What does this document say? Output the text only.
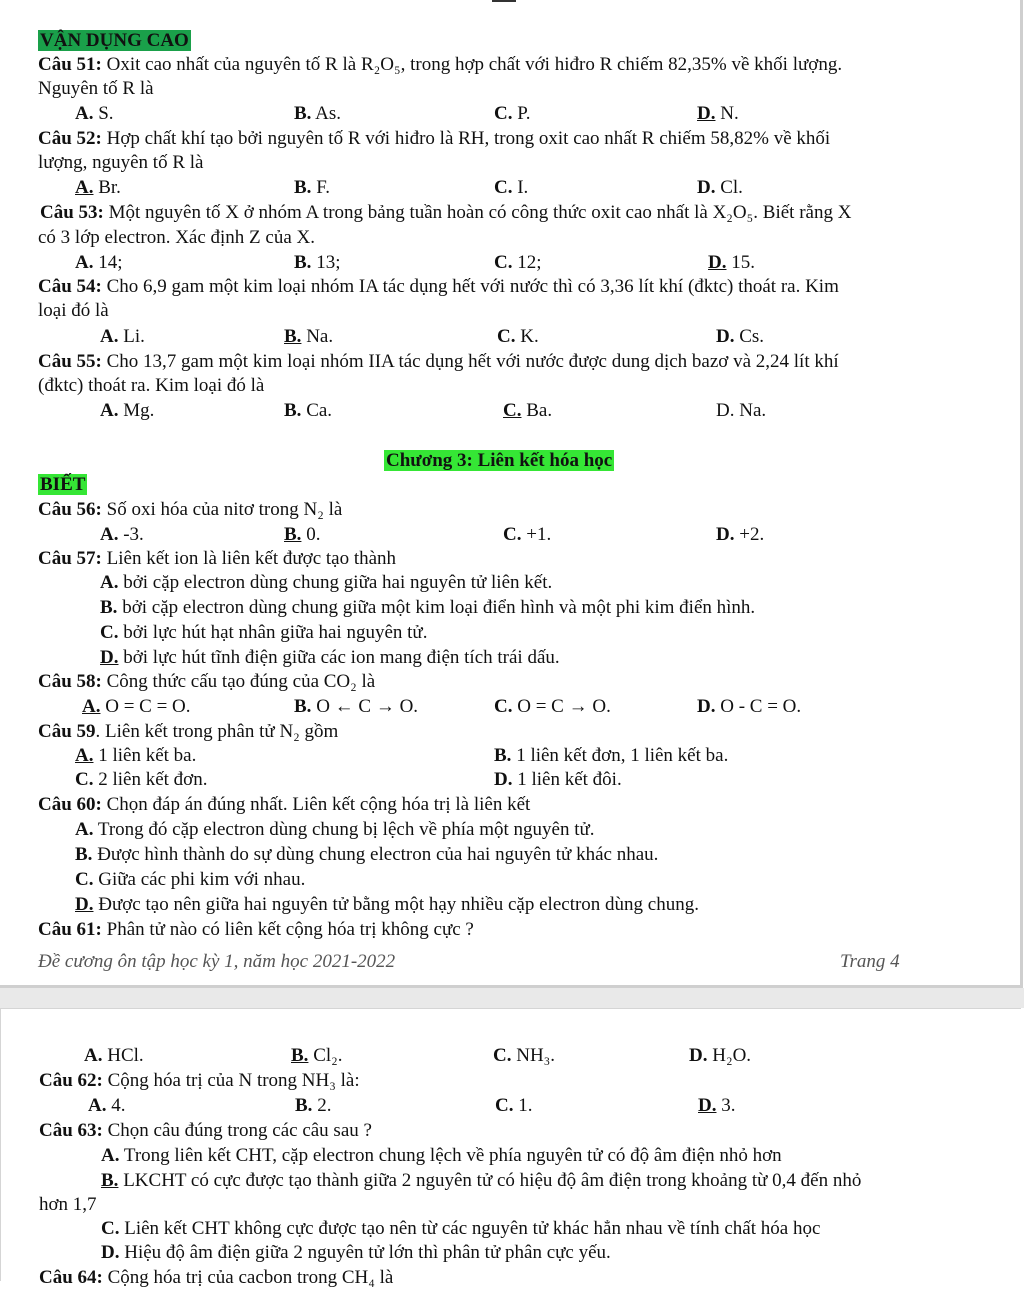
VẬN DỤNG CAO
Câu 51: Oxit cao nhất của nguyên tố R là R₂O₅, trong hợp chất với hiđro R chiếm 82,35% về khối lượng.
Nguyên tố R là
A. S.	B. As.	C. P.	D. N.
Câu 52: Hợp chất khí tạo bởi nguyên tố R với hiđro là RH, trong oxit cao nhất R chiếm 58,82% về khối
lượng, nguyên tố R là
A. Br.	B. F.	C. I.	D. Cl.
Câu 53: Một nguyên tố X ở nhóm A trong bảng tuần hoàn có công thức oxit cao nhất là X₂O₅. Biết rằng X
có 3 lớp electron. Xác định Z của X.
A. 14;	B. 13;	C. 12;	D. 15.
Câu 54: Cho 6,9 gam một kim loại nhóm IA tác dụng hết với nước thì có 3,36 lít khí (đktc) thoát ra. Kim
loại đó là
A. Li.	B. Na.	C. K.	D. Cs.
Câu 55: Cho 13,7 gam một kim loại nhóm IIA tác dụng hết với nước được dung dịch bazơ và 2,24 lít khí
(đktc) thoát ra. Kim loại đó là
A. Mg.	B. Ca.	C. Ba.	D. Na.
Chương 3: Liên kết hóa học
BIẾT
Câu 56: Số oxi hóa của nitơ trong N₂ là
A. -3.	B. 0.	C. +1.	D. +2.
Câu 57: Liên kết ion là liên kết được tạo thành
A. bởi cặp electron dùng chung giữa hai nguyên tử liên kết.
B. bởi cặp electron dùng chung giữa một kim loại điển hình và một phi kim điển hình.
C. bởi lực hút hạt nhân giữa hai nguyên tử.
D. bởi lực hút tĩnh điện giữa các ion mang điện tích trái dấu.
Câu 58: Công thức cấu tạo đúng của CO₂ là
A. O = C = O.	B. O ← C → O.	C. O = C → O.	D. O - C = O.
Câu 59. Liên kết trong phân tử N₂ gồm
A. 1 liên kết ba.	B. 1 liên kết đơn, 1 liên kết ba.
C. 2 liên kết đơn.	D. 1 liên kết đôi.
Câu 60: Chọn đáp án đúng nhất. Liên kết cộng hóa trị là liên kết
A. Trong đó cặp electron dùng chung bị lệch về phía một nguyên tử.
B. Được hình thành do sự dùng chung electron của hai nguyên tử khác nhau.
C. Giữa các phi kim với nhau.
D. Được tạo nên giữa hai nguyên tử bằng một hạy nhiều cặp electron dùng chung.
Câu 61: Phân tử nào có liên kết cộng hóa trị không cực ?
Đề cương ôn tập học kỳ 1, năm học 2021-2022	Trang 4
A. HCl.	B. Cl₂.	C. NH₃.	D. H₂O.
Câu 62: Cộng hóa trị của N trong NH₃ là:
A. 4.	B. 2.	C. 1.	D. 3.
Câu 63: Chọn câu đúng trong các câu sau ?
A. Trong liên kết CHT, cặp electron chung lệch về phía nguyên tử có độ âm điện nhỏ hơn
B. LKCHT có cực được tạo thành giữa 2 nguyên tử có hiệu độ âm điện trong khoảng từ 0,4 đến nhỏ
hơn 1,7
C. Liên kết CHT không cực được tạo nên từ các nguyên tử khác hẳn nhau về tính chất hóa học
D. Hiệu độ âm điện giữa 2 nguyên tử lớn thì phân tử phân cực yếu.
Câu 64: Cộng hóa trị của cacbon trong CH₄ là
